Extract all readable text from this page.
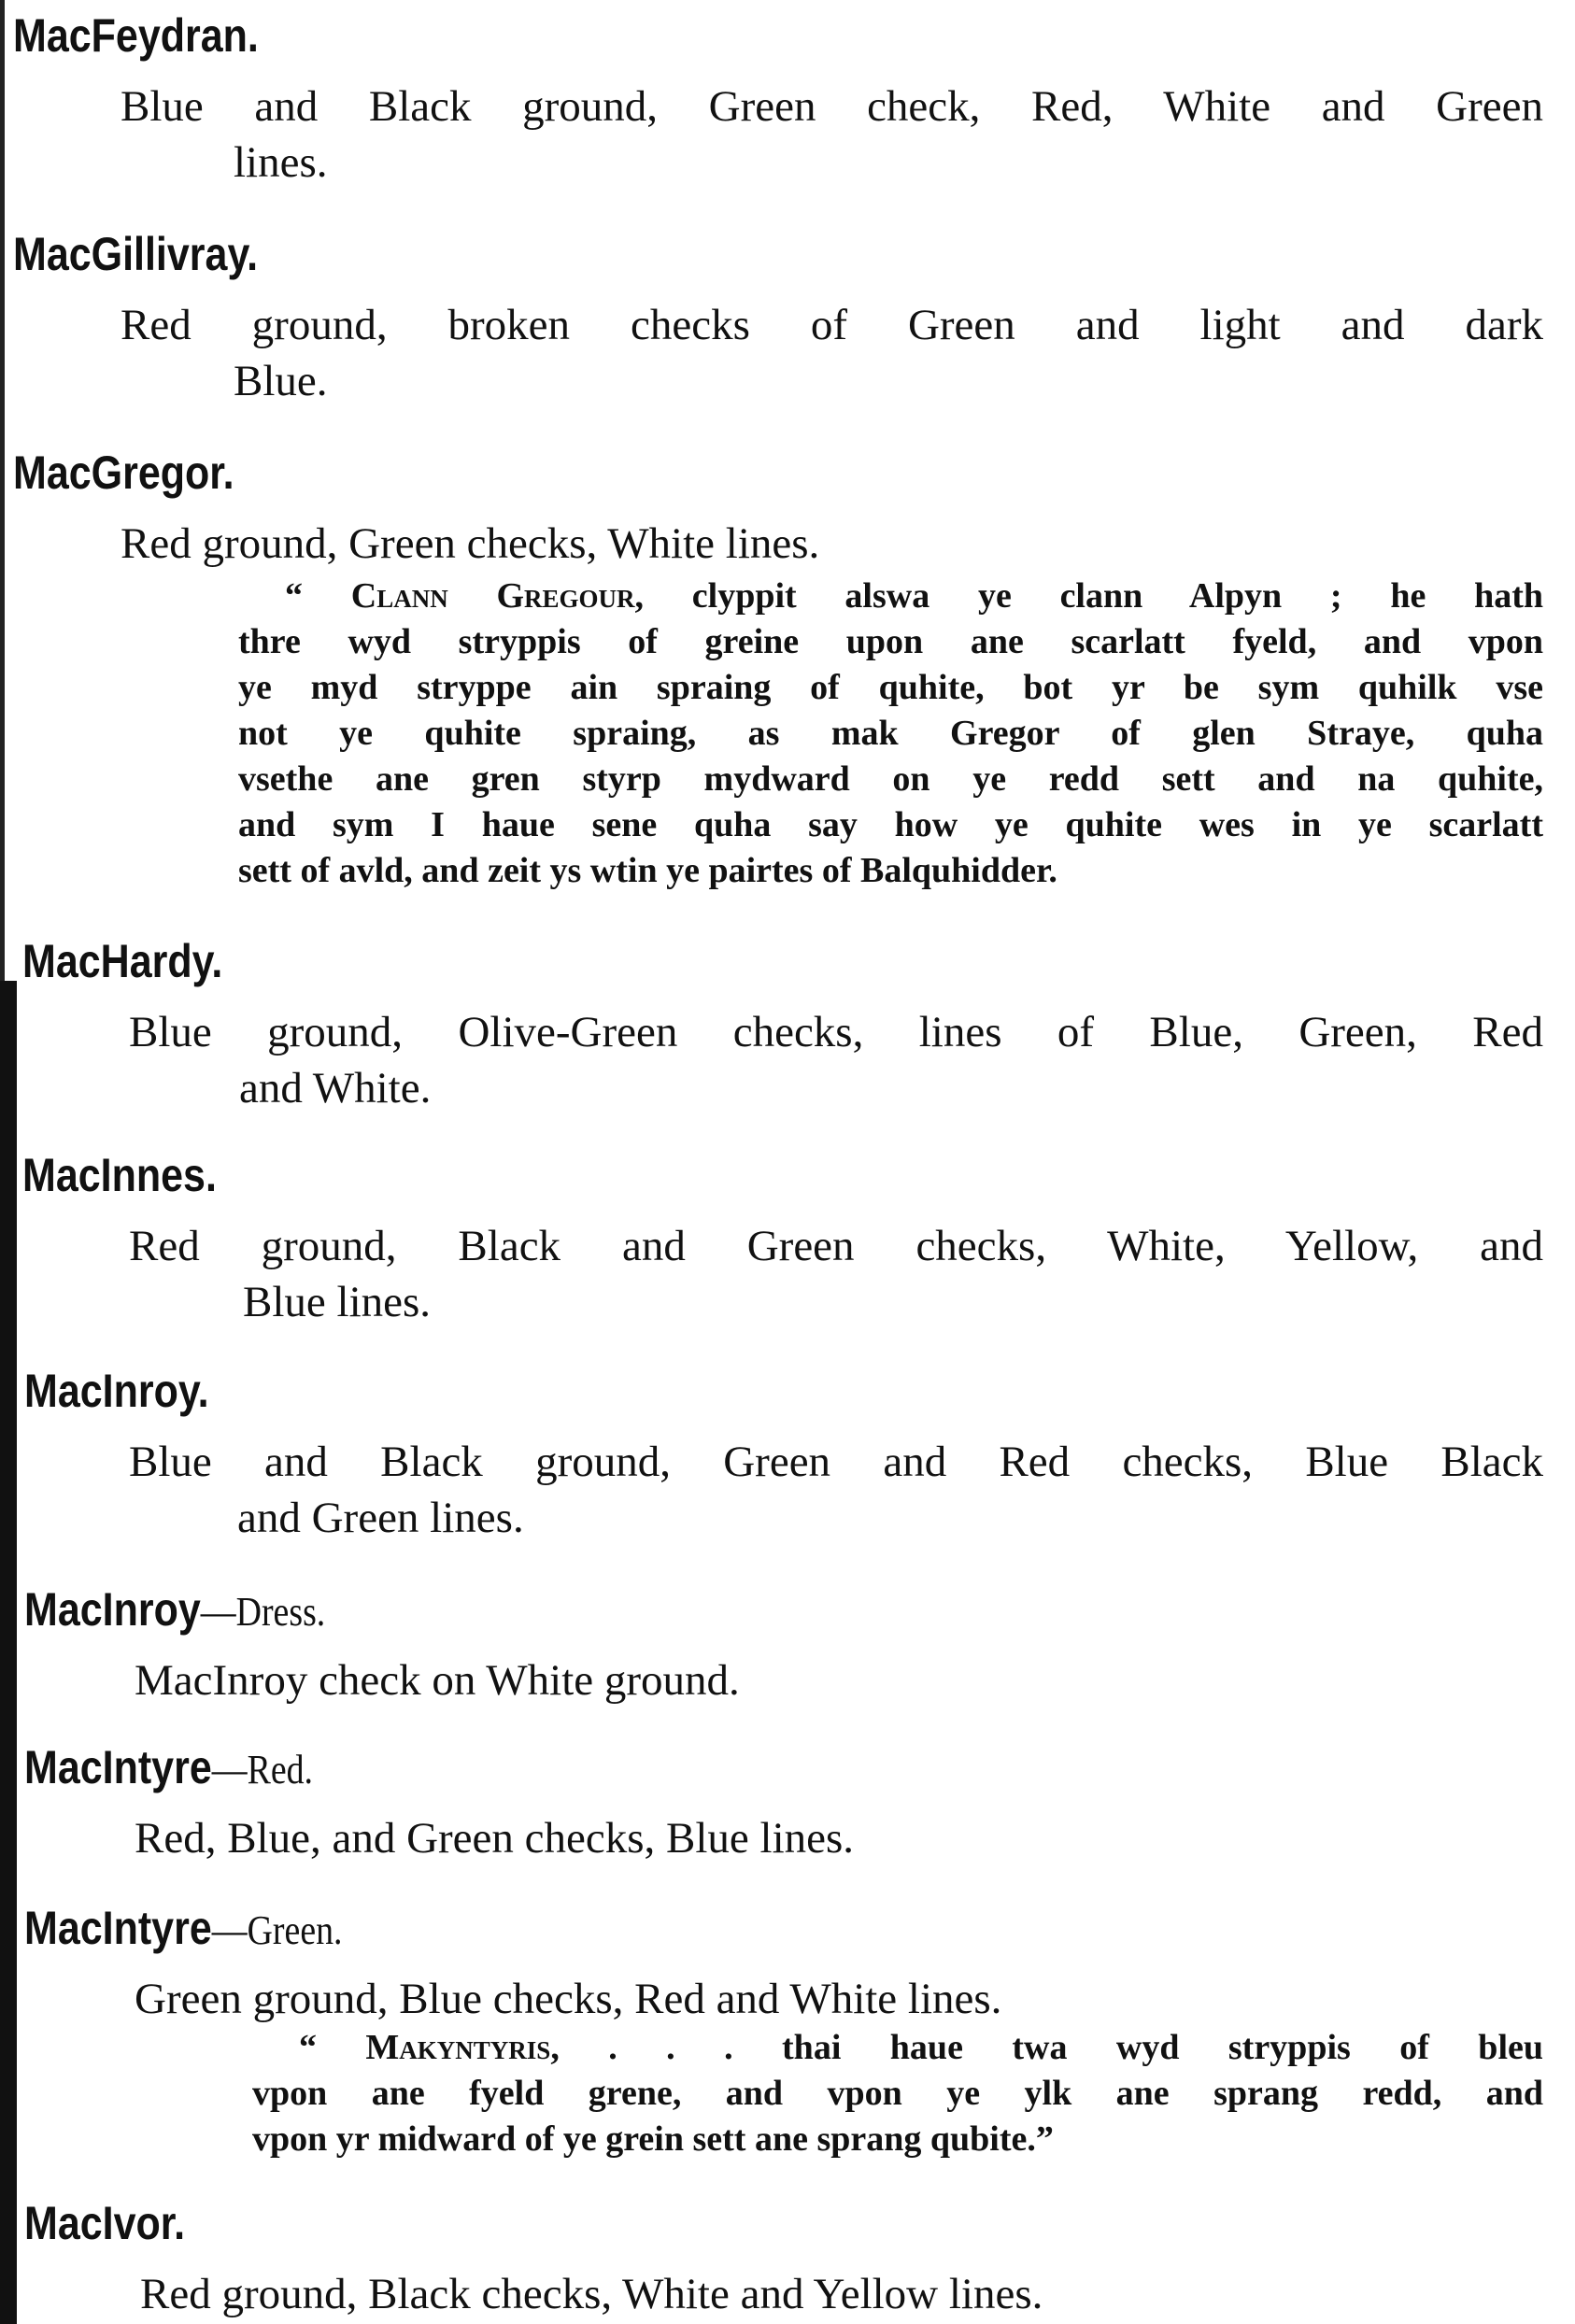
MacFeydran.
Blue and Black ground, Green check, Red, White and Green
lines.
MacGillivray.
Red ground, broken checks of Green and light and dark
Blue.
MacGregor.
Red ground, Green checks, White lines.
“ Clann Gregour, clyppit alswa ye clann Alpyn ; he hath
thre wyd stryppis of greine upon ane scarlatt fyeld, and vpon
ye myd stryppe ain spraing of quhite, bot yr be sym quhilk vse
not ye quhite spraing, as mak Gregor of glen Straye, quha
vsethe ane gren styrp mydward on ye redd sett and na quhite,
and sym I haue sene quha say how ye quhite wes in ye scarlatt
sett of avld, and zeit ys wtin ye pairtes of Balquhidder.
MacHardy.
Blue ground, Olive-Green checks, lines of Blue, Green, Red
and White.
MacInnes.
Red ground, Black and Green checks, White, Yellow, and
Blue lines.
MacInroy.
Blue and Black ground, Green and Red checks, Blue Black
and Green lines.
MacInroy—Dress.
MacInroy check on White ground.
MacIntyre—Red.
Red, Blue, and Green checks, Blue lines.
MacIntyre—Green.
Green ground, Blue checks, Red and White lines.
“ Makyntyris, . . . thai haue twa wyd stryppis of bleu
vpon ane fyeld grene, and vpon ye ylk ane sprang redd, and
vpon yr midward of ye grein sett ane sprang qubite.”
MacIvor.
Red ground, Black checks, White and Yellow lines.
